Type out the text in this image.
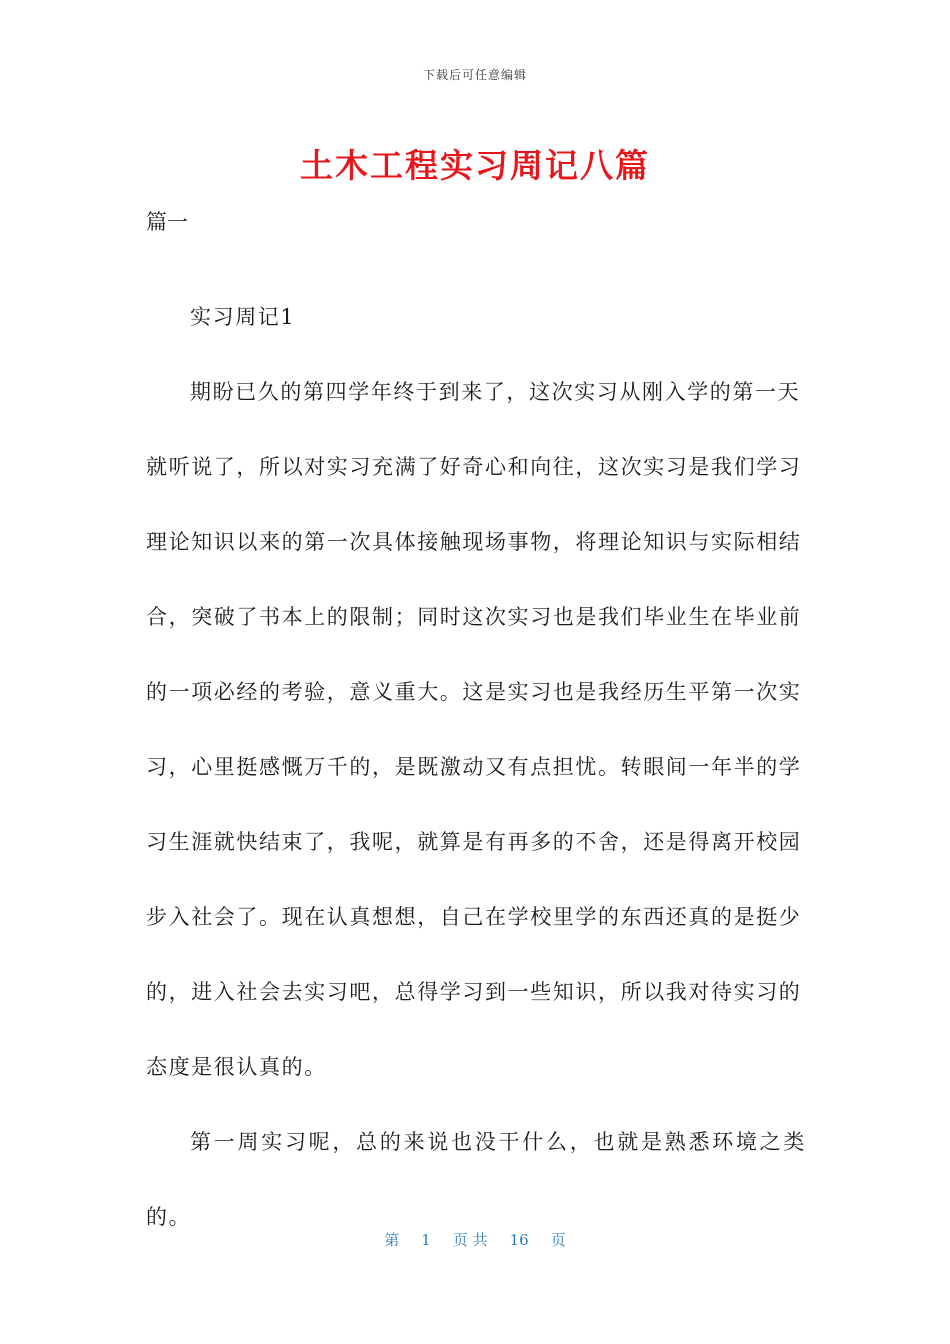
下载后可任意编辑
土木工程实习周记八篇
篇一

实习周记1

期盼已久的第四学年终于到来了，这次实习从刚入学的第一天
就听说了，所以对实习充满了好奇心和向往，这次实习是我们学习
理论知识以来的第一次具体接触现场事物，将理论知识与实际相结
合，突破了书本上的限制；同时这次实习也是我们毕业生在毕业前
的一项必经的考验，意义重大。这是实习也是我经历生平第一次实
习，心里挺感慨万千的，是既激动又有点担忧。转眼间一年半的学
习生涯就快结束了，我呢，就算是有再多的不舍，还是得离开校园
步入社会了。现在认真想想，自己在学校里学的东西还真的是挺少
的，进入社会去实习吧，总得学习到一些知识，所以我对待实习的
态度是很认真的。

第一周实习呢，总的来说也没干什么，也就是熟悉环境之类的。

第 1 页 共 16 页
